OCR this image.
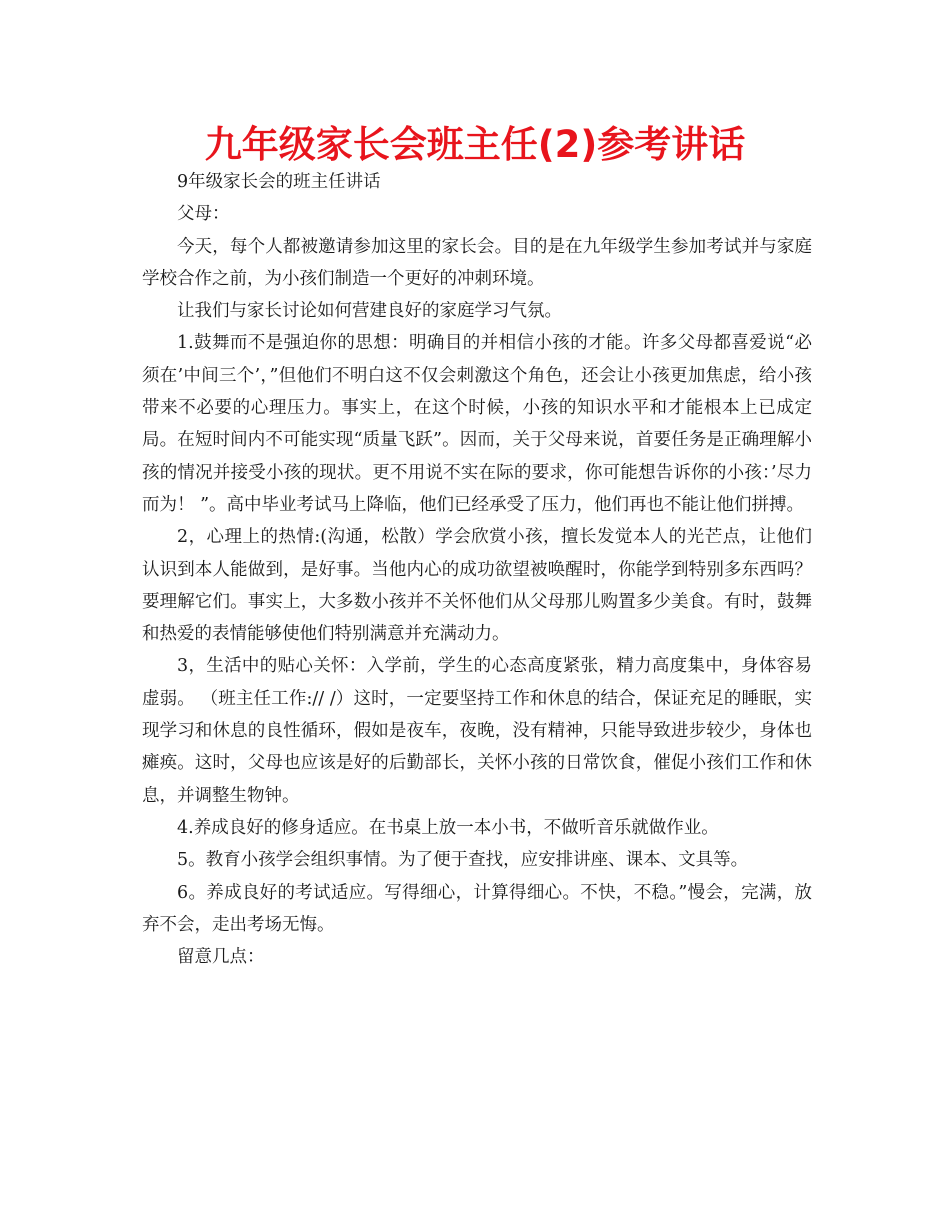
九年级家长会班主任(2)参考讲话

9年级家长会的班主任讲话

父母：

今天，每个人都被邀请参加这里的家长会。目的是在九年级学生参加考试并与家庭学校合作之前，为小孩们制造一个更好的冲刺环境。

让我们与家长讨论如何营建良好的家庭学习气氛。

1.鼓舞而不是强迫你的思想：明确目的并相信小孩的才能。许多父母都喜爱说“必须在’中间三个’，”但他们不明白这不仅会刺激这个角色，还会让小孩更加焦虑，给小孩带来不必要的心理压力。事实上，在这个时候，小孩的知识水平和才能根本上已成定局。在短时间内不可能实现“质量飞跃”。因而，关于父母来说，首要任务是正确理解小孩的情况并接受小孩的现状。更不用说不实在际的要求，你可能想告诉你的小孩：’尽力而为！ ”。高中毕业考试马上降临，他们已经承受了压力，他们再也不能让他们拼搏。

2，心理上的热情:(沟通，松散）学会欣赏小孩，擅长发觉本人的光芒点，让他们认识到本人能做到，是好事。当他内心的成功欲望被唤醒时，你能学到特别多东西吗？要理解它们。事实上，大多数小孩并不关怀他们从父母那儿购置多少美食。有时，鼓舞和热爱的表情能够使他们特别满意并充满动力。

3，生活中的贴心关怀：入学前，学生的心态高度紧张，精力高度集中，身体容易虚弱。 （班主任工作:// /）这时，一定要坚持工作和休息的结合，保证充足的睡眠，实现学习和休息的良性循环，假如是夜车，夜晚，没有精神，只能导致进步较少，身体也瘫痪。这时，父母也应该是好的后勤部长，关怀小孩的日常饮食，催促小孩们工作和休息，并调整生物钟。

4.养成良好的修身适应。在书桌上放一本小书，不做听音乐就做作业。

5。教育小孩学会组织事情。为了便于查找，应安排讲座、课本、文具等。

6。养成良好的考试适应。写得细心，计算得细心。不快，不稳。”慢会，完满，放弃不会，走出考场无悔。

留意几点：
